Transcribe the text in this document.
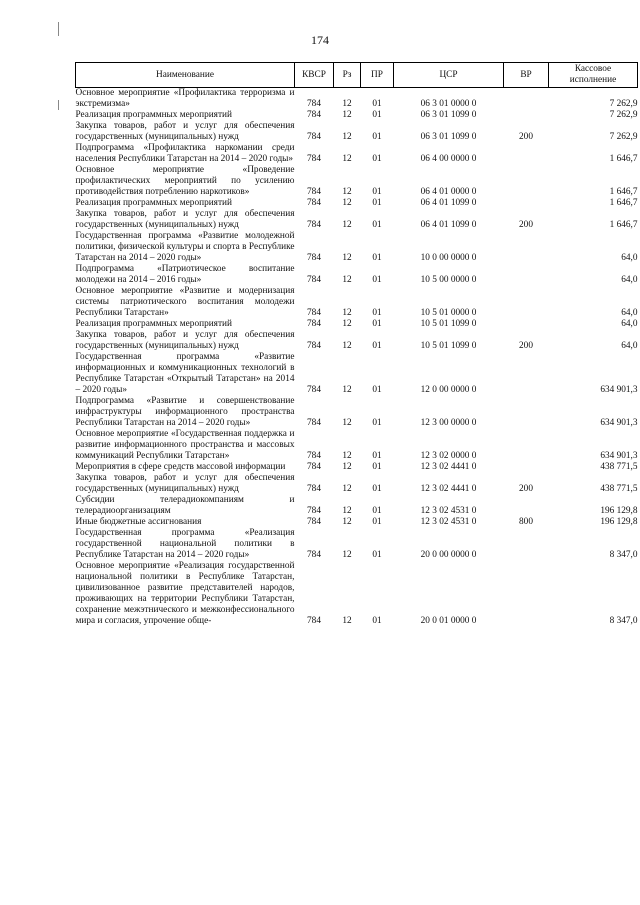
174
Наименование	КВСР	Рз	ПР	ЦСР	ВР	Кассовое исполнение
Основное мероприятие «Профилактика терроризма и экстремизма»	784	12	01	06 3 01 0000 0		7 262,9
Реализация программных мероприятий	784	12	01	06 3 01 1099 0		7 262,9
Закупка товаров, работ и услуг для обеспечения государственных (муниципальных) нужд	784	12	01	06 3 01 1099 0	200	7 262,9
Подпрограмма «Профилактика наркомании среди населения Республики Татарстан на 2014 – 2020 годы»	784	12	01	06 4 00 0000 0		1 646,7
Основное мероприятие «Проведение профилактических мероприятий по усилению противодействия потреблению наркотиков»	784	12	01	06 4 01 0000 0		1 646,7
Реализация программных мероприятий	784	12	01	06 4 01 1099 0		1 646,7
Закупка товаров, работ и услуг для обеспечения государственных (муниципальных) нужд	784	12	01	06 4 01 1099 0	200	1 646,7
Государственная программа «Развитие молодежной политики, физической культуры и спорта в Республике Татарстан на 2014 – 2020 годы»	784	12	01	10 0 00 0000 0		64,0
Подпрограмма «Патриотическое воспитание молодежи на 2014 – 2016 годы»	784	12	01	10 5 00 0000 0		64,0
Основное мероприятие «Развитие и модернизация системы патриотического воспитания молодежи Республики Татарстан»	784	12	01	10 5 01 0000 0		64,0
Реализация программных мероприятий	784	12	01	10 5 01 1099 0		64,0
Закупка товаров, работ и услуг для обеспечения государственных (муниципальных) нужд	784	12	01	10 5 01 1099 0	200	64,0
Государственная программа «Развитие информационных и коммуникационных технологий в Республике Татарстан «Открытый Татарстан» на 2014 – 2020 годы»	784	12	01	12 0 00 0000 0		634 901,3
Подпрограмма «Развитие и совершенствование инфраструктуры информационного пространства Республики Татарстан на 2014 – 2020 годы»	784	12	01	12 3 00 0000 0		634 901,3
Основное мероприятие «Государственная поддержка и развитие информационного пространства и массовых коммуникаций Республики Татарстан»	784	12	01	12 3 02 0000 0		634 901,3
Мероприятия в сфере средств массовой информации	784	12	01	12 3 02 4441 0		438 771,5
Закупка товаров, работ и услуг для обеспечения государственных (муниципальных) нужд	784	12	01	12 3 02 4441 0	200	438 771,5
Субсидии телерадиокомпаниям и телерадиоорганизациям	784	12	01	12 3 02 4531 0		196 129,8
Иные бюджетные ассигнования	784	12	01	12 3 02 4531 0	800	196 129,8
Государственная программа «Реализация государственной национальной политики в Республике Татарстан на 2014 – 2020 годы»	784	12	01	20 0 00 0000 0		8 347,0
Основное мероприятие «Реализация государственной национальной политики в Республике Татарстан, цивилизованное развитие представителей народов, проживающих на территории Республики Татарстан, сохранение межэтнического и межконфессионального мира и согласия, упрочение обще-	784	12	01	20 0 01 0000 0		8 347,0
